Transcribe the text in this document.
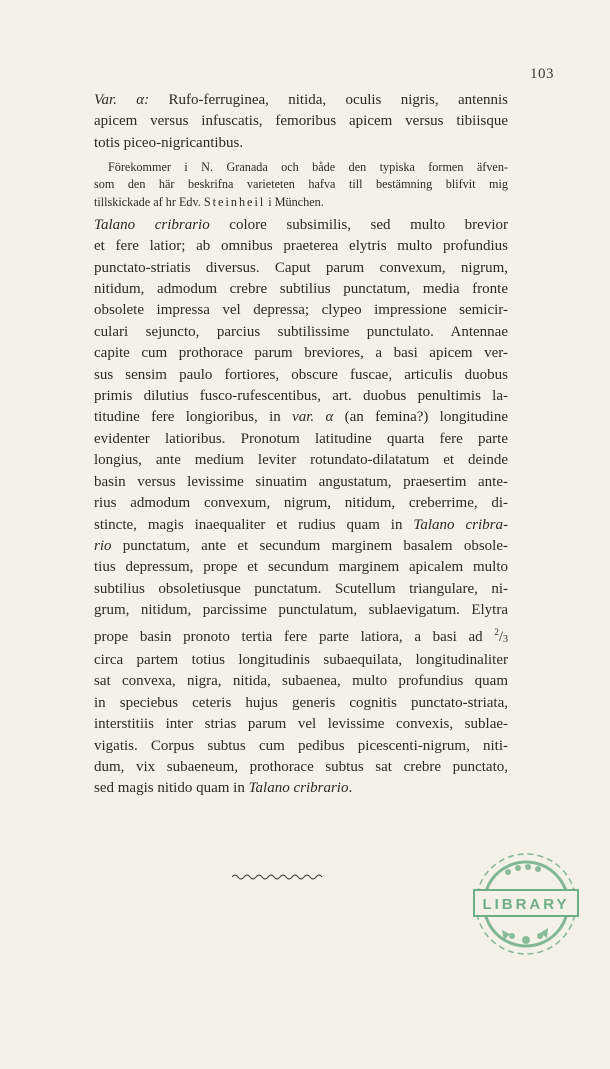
103
Var. α: Rufo-ferruginea, nitida, oculis nigris, antennis
apicem versus infuscatis, femoribus apicem versus tibiisque
totis piceo-nigricantibus.
Förekommer i N. Granada och både den typiska formen äfven-
som den här beskrifna varieteten hafva till bestämning blifvit mig
tillskickade af hr Edv. Steinheil i München.
Talano cribrario colore subsimilis, sed multo brevior
et fere latior; ab omnibus praeterea elytris multo profundius
punctato-striatis diversus. Caput parum convexum, nigrum,
nitidum, admodum crebre subtilius punctatum, media fronte
obsolete impressa vel depressa; clypeo impressione semicir-
culari sejuncto, parcius subtilissime punctulato. Antennae
capite cum prothorace parum breviores, a basi apicem ver-
sus sensim paulo fortiores, obscure fuscae, articulis duobus
primis dilutius fusco-rufescentibus, art. duobus penultimis la-
titudine fere longioribus, in var. α (an femina?) longitudine
evidenter latioribus. Pronotum latitudine quarta fere parte
longius, ante medium leviter rotundato-dilatatum et deinde
basin versus levissime sinuatim angustatum, praesertim ante-
rius admodum convexum, nigrum, nitidum, creberrime, di-
stincte, magis inaequaliter et rudius quam in Talano cribra-
rio punctatum, ante et secundum marginem basalem obsole-
tius depressum, prope et secundum marginem apicalem multo
subtilius obsoletiusque punctatum. Scutellum triangulare, ni-
grum, nitidum, parcissime punctulatum, sublaevigatum. Elytra
prope basin pronoto tertia fere parte latiora, a basi ad $^2$/3
circa partem totius longitudinis subaequilata, longitudinaliter
sat convexa, nigra, nitida, subaenea, multo profundius quam
in speciebus ceteris hujus generis cognitis punctato-striata,
interstitiis inter strias parum vel levissime convexis, sublae-
vigatis. Corpus subtus cum pedibus picescenti-nigrum, niti-
dum, vix subaeneum, prothorace subtus sat crebre punctato,
sed magis nitido quam in Talano cribrario.
LIBRARY
